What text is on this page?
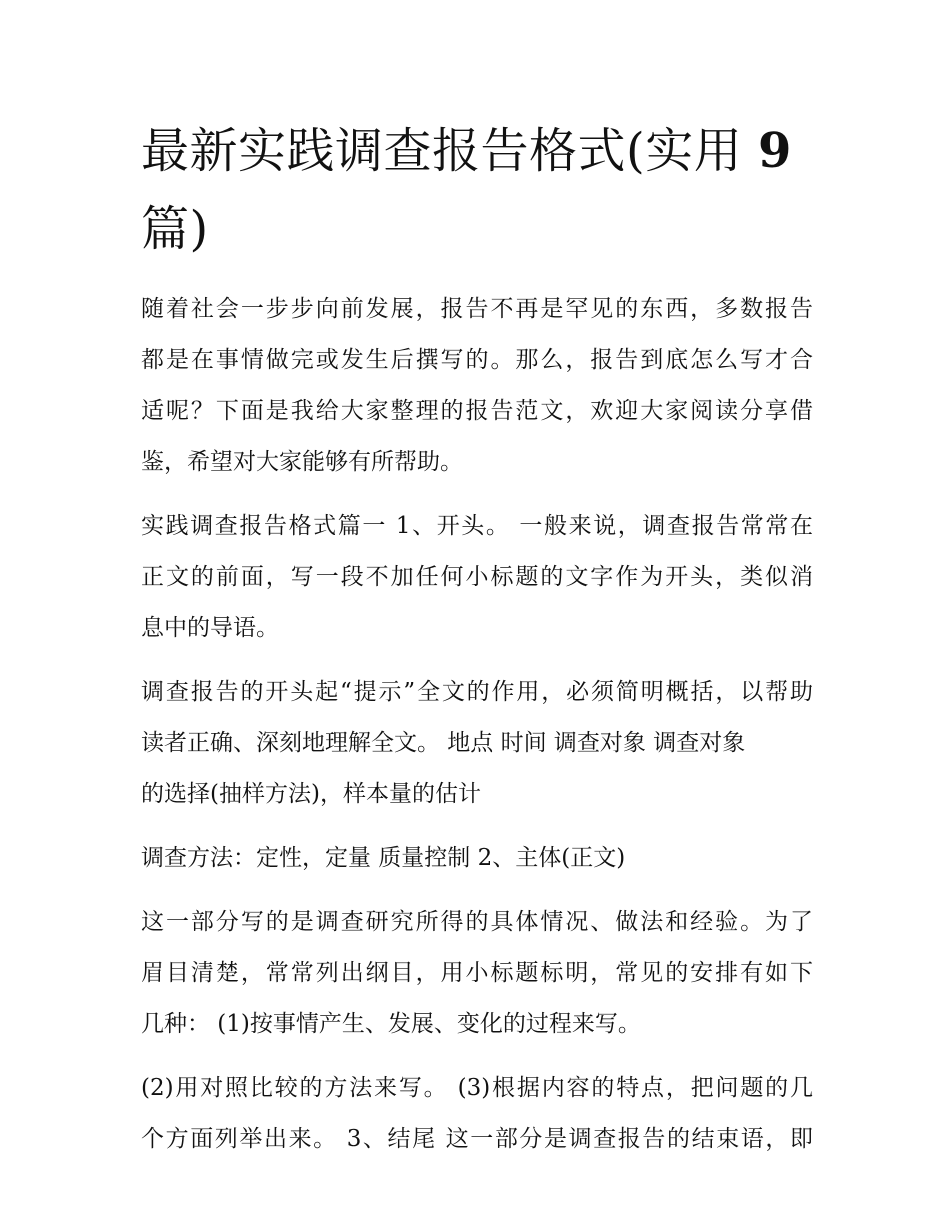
最新实践调查报告格式(实用 9
篇)

随着社会一步步向前发展，报告不再是罕见的东西，多数报告
都是在事情做完或发生后撰写的。那么，报告到底怎么写才合
适呢？下面是我给大家整理的报告范文，欢迎大家阅读分享借
鉴，希望对大家能够有所帮助。

实践调查报告格式篇一 1、开头。 一般来说，调查报告常常在
正文的前面，写一段不加任何小标题的文字作为开头，类似消
息中的导语。

调查报告的开头起“提示”全文的作用，必须简明概括，以帮助
读者正确、深刻地理解全文。 地点 时间 调查对象 调查对象
的选择(抽样方法)，样本量的估计

调查方法：定性，定量 质量控制 2、主体(正文)

这一部分写的是调查研究所得的具体情况、做法和经验。为了
眉目清楚，常常列出纲目，用小标题标明，常见的安排有如下
几种： (1)按事情产生、发展、变化的过程来写。

(2)用对照比较的方法来写。 (3)根据内容的特点，把问题的几
个方面列举出来。 3、结尾 这一部分是调查报告的结束语，即
